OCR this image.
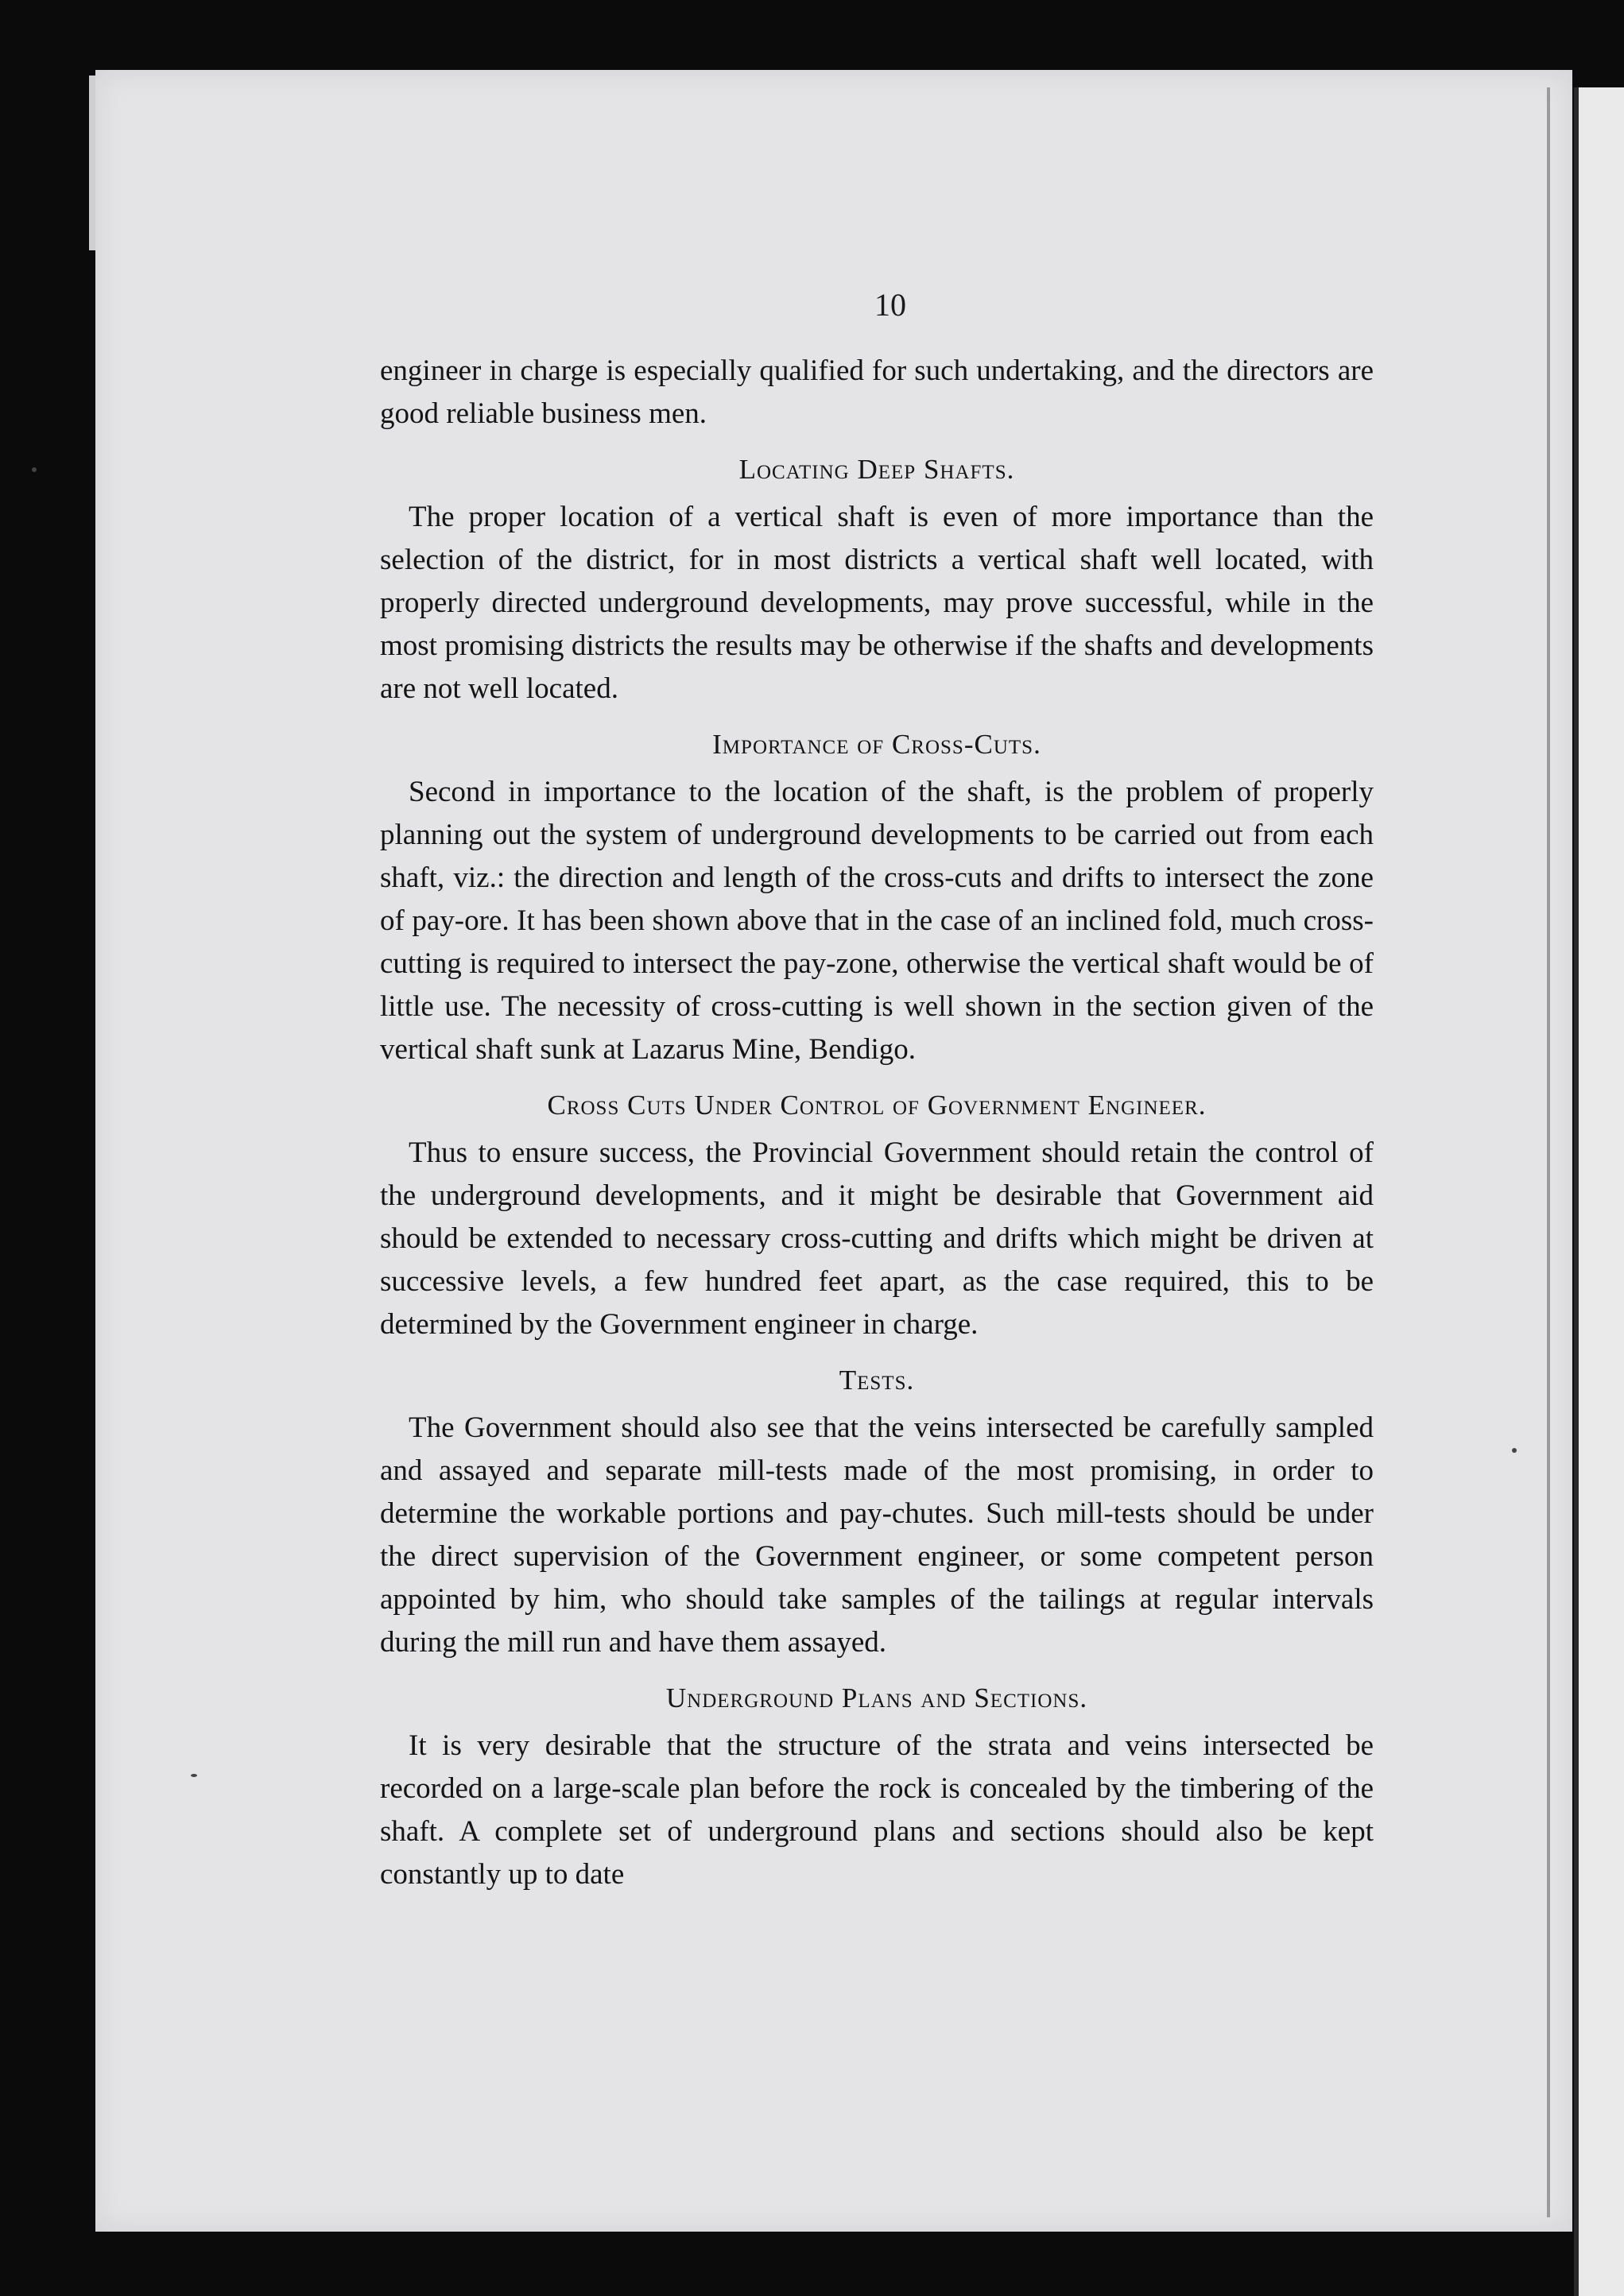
10

engineer in charge is especially qualified for such undertaking, and the directors are good reliable business men.

Locating Deep Shafts.

The proper location of a vertical shaft is even of more importance than the selection of the district, for in most districts a vertical shaft well located, with properly directed underground developments, may prove successful, while in the most promising districts the results may be otherwise if the shafts and developments are not well located.

Importance of Cross-Cuts.

Second in importance to the location of the shaft, is the problem of properly planning out the system of underground developments to be carried out from each shaft, viz.: the direction and length of the cross-cuts and drifts to intersect the zone of pay-ore. It has been shown above that in the case of an inclined fold, much cross-cutting is required to intersect the pay-zone, otherwise the vertical shaft would be of little use. The necessity of cross-cutting is well shown in the section given of the vertical shaft sunk at Lazarus Mine, Bendigo.

Cross Cuts Under Control of Government Engineer.

Thus to ensure success, the Provincial Government should retain the control of the underground developments, and it might be desirable that Government aid should be extended to necessary cross-cutting and drifts which might be driven at successive levels, a few hundred feet apart, as the case required, this to be determined by the Government engineer in charge.

Tests.

The Government should also see that the veins intersected be carefully sampled and assayed and separate mill-tests made of the most promising, in order to determine the workable portions and pay-chutes. Such mill-tests should be under the direct supervision of the Government engineer, or some competent person appointed by him, who should take samples of the tailings at regular intervals during the mill run and have them assayed.

Underground Plans and Sections.

It is very desirable that the structure of the strata and veins intersected be recorded on a large-scale plan before the rock is concealed by the timbering of the shaft. A complete set of underground plans and sections should also be kept constantly up to date
